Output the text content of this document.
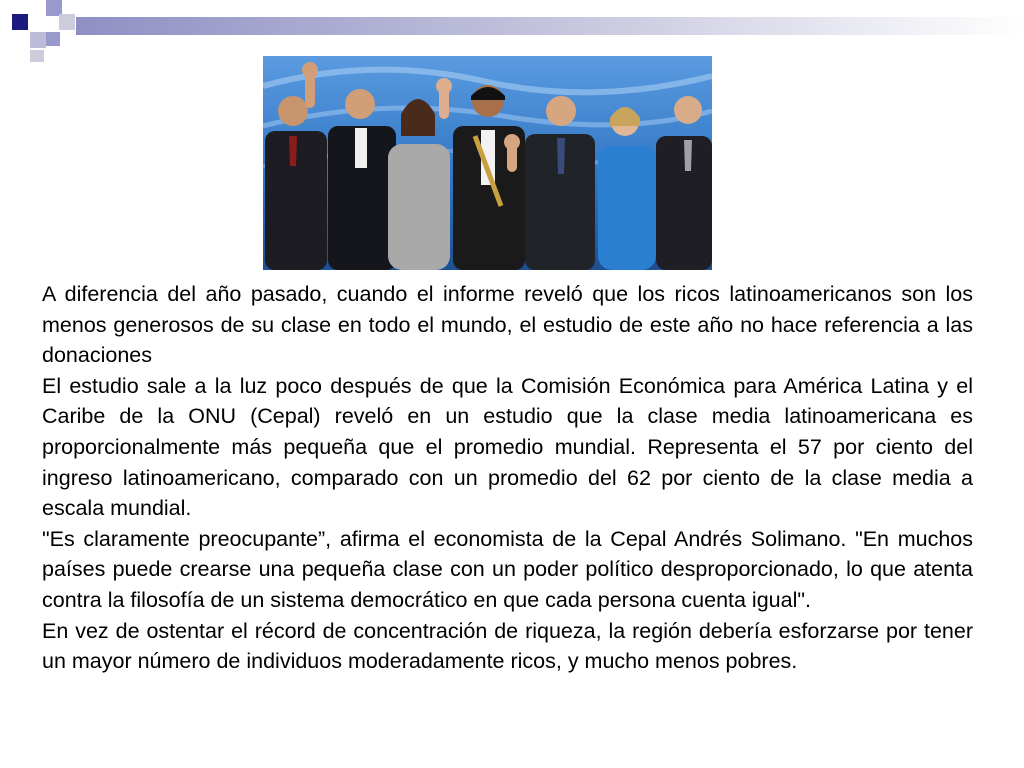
A diferencia del año pasado, cuando el informe reveló que los ricos latinoamericanos son los menos generosos de su clase en todo el mundo, el estudio de este año no hace referencia a las donaciones

El estudio sale a la luz poco después de que la Comisión Económica para América Latina y el Caribe de la ONU (Cepal) reveló en un estudio que la clase media latinoamericana es proporcionalmente más pequeña que el promedio mundial. Representa el 57 por ciento del ingreso latinoamericano, comparado con un promedio del 62 por ciento de la clase media a escala mundial.

"Es claramente preocupante”, afirma el economista de la Cepal Andrés Solimano. "En muchos países puede crearse una pequeña clase con un poder político desproporcionado, lo que atenta contra la filosofía de un sistema democrático en que cada persona cuenta igual".

En vez de ostentar el récord de concentración de riqueza, la región debería esforzarse por tener un mayor número de individuos moderadamente ricos, y mucho menos pobres.
